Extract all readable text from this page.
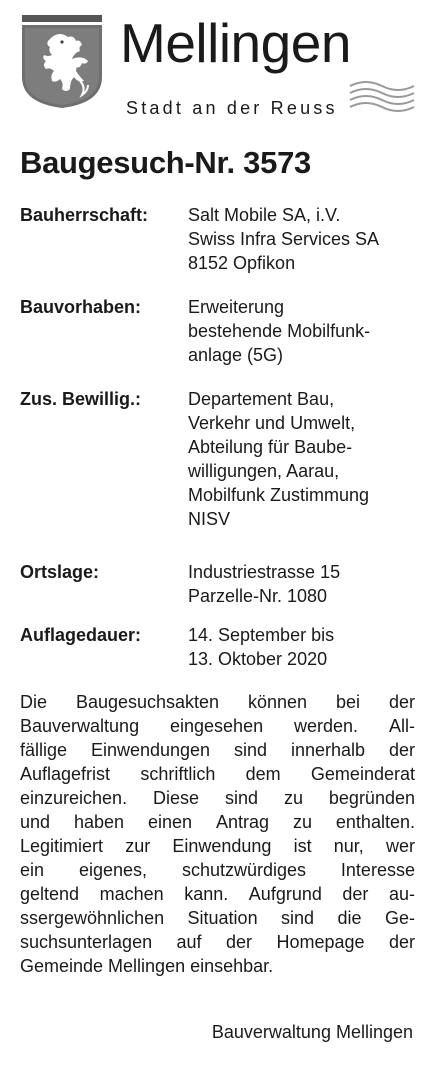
Mellingen
Stadt an der Reuss
Baugesuch-Nr. 3573
Bauherrschaft: Salt Mobile SA, i.V.
Swiss Infra Services SA
8152 Opfikon
Bauvorhaben:	Erweiterung
bestehende Mobilfunk-
anlage (5G)
Zus. Bewillig.:	Departement Bau,
Verkehr und Umwelt,
Abteilung für Baube-
willigungen, Aarau,
Mobilfunk Zustimmung
NISV
Ortslage:	Industriestrasse 15
Parzelle-Nr. 1080
Auflagedauer:	14. September bis
13. Oktober 2020
Die Baugesuchsakten können bei der
Bauverwaltung eingesehen werden. All-
fällige Einwendungen sind innerhalb der
Auflagefrist schriftlich dem Gemeinderat
einzureichen. Diese sind zu begründen
und haben einen Antrag zu enthalten.
Legitimiert zur Einwendung ist nur, wer
ein eigenes, schutzwürdiges Interesse
geltend machen kann. Aufgrund der au-
ssergewöhnlichen Situation sind die Ge-
suchsunterlagen auf der Homepage der
Gemeinde Mellingen einsehbar.
Bauverwaltung Mellingen
